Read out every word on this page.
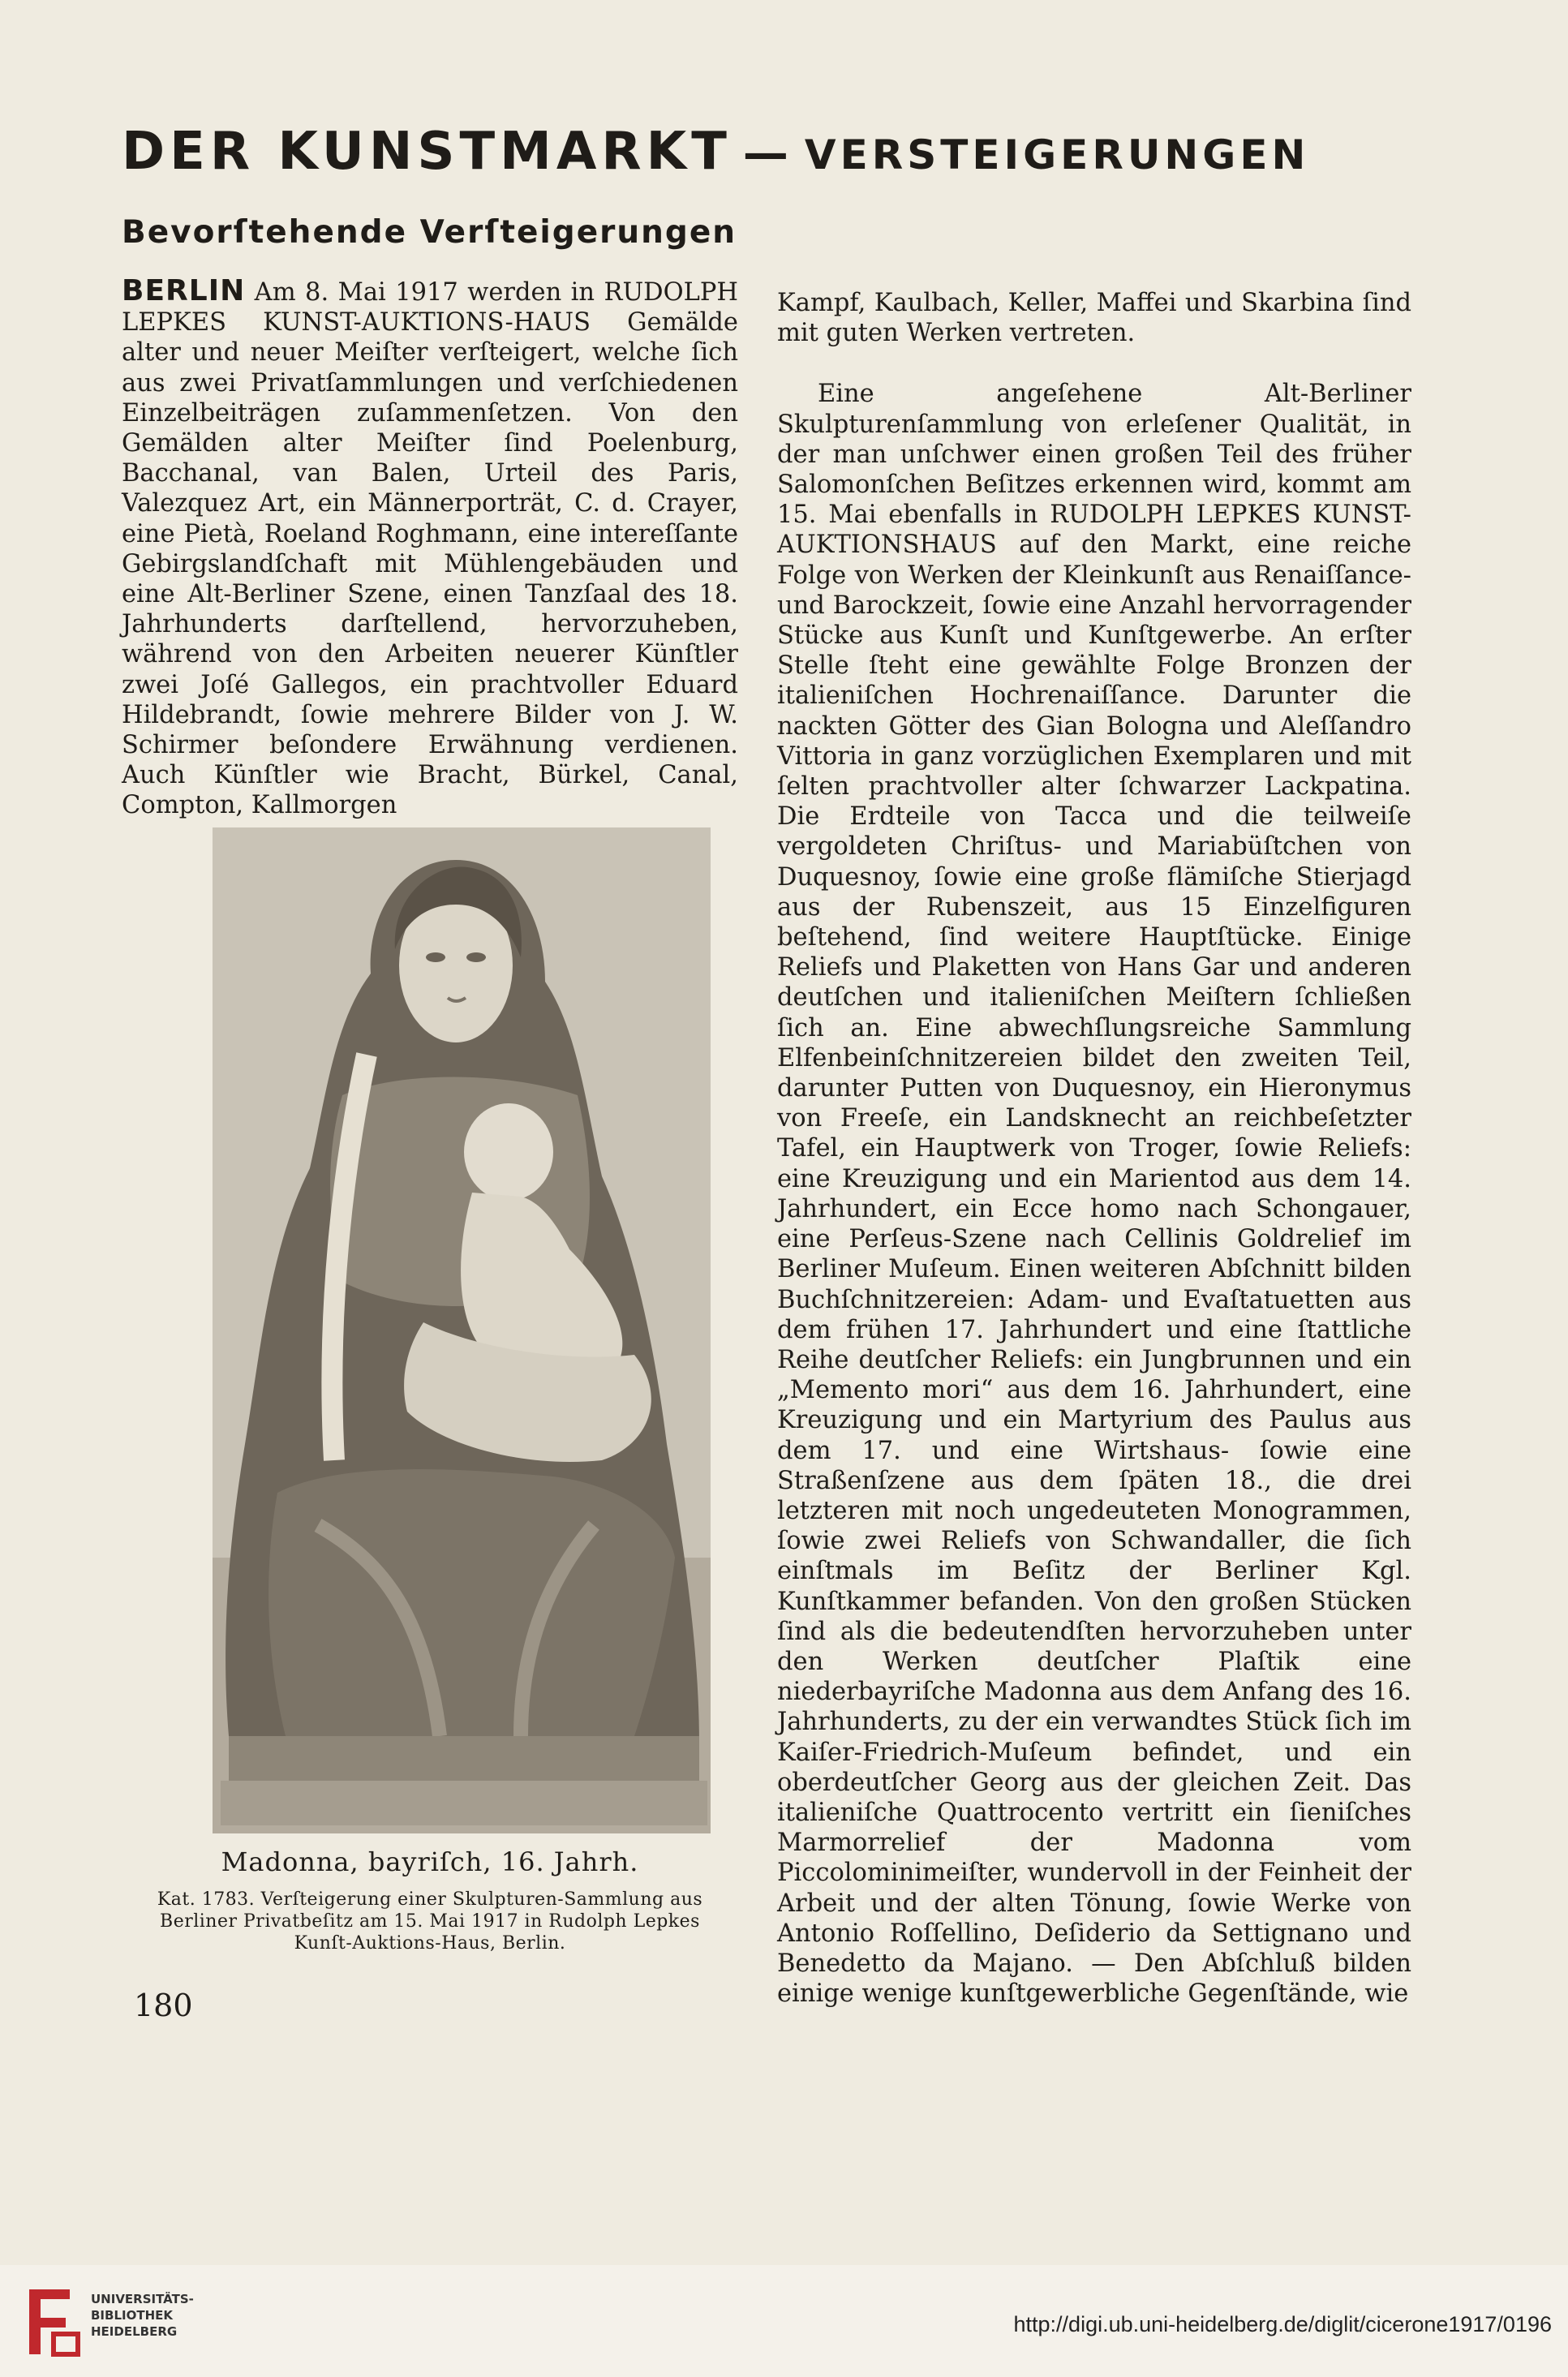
DER KUNSTMARKT — VERSTEIGERUNGEN
Bevorſtehende Verſteigerungen

BERLIN Am 8. Mai 1917 werden in RUDOLPH LEPKES KUNST-AUKTIONS-HAUS Gemälde alter und neuer Meiſter verſteigert, welche ſich aus zwei Privatſammlungen und verſchiedenen Einzelbeiträgen zuſammenſetzen. Von den Gemälden alter Meiſter ſind Poelenburg, Bacchanal, van Balen, Urteil des Paris, Valezquez Art, ein Männerporträt, C. d. Crayer, eine Pietà, Roeland Roghmann, eine intereſſante Gebirgslandſchaft mit Mühlengebäuden und eine Alt-Berliner Szene, einen Tanzſaal des 18. Jahrhunderts darſtellend, hervorzuheben, während von den Arbeiten neuerer Künſtler zwei Joſé Gallegos, ein prachtvoller Eduard Hildebrandt, ſowie mehrere Bilder von J. W. Schirmer beſondere Erwähnung verdienen. Auch Künſtler wie Bracht, Bürkel, Canal, Compton, Kallmorgen

Madonna, bayriſch, 16. Jahrh.
Kat. 1783. Verſteigerung einer Skulpturen-Sammlung aus
Berliner Privatbeſitz am 15. Mai 1917 in Rudolph Lepkes
Kunſt-Auktions-Haus, Berlin.
180

Kampf, Kaulbach, Keller, Maffei und Skarbina ſind mit guten Werken vertreten.

Eine angeſehene Alt-Berliner Skulpturenſammlung von erleſener Qualität, in der man unſchwer einen großen Teil des früher Salomonſchen Beſitzes erkennen wird, kommt am 15. Mai ebenfalls in RUDOLPH LEPKES KUNST-AUKTIONSHAUS auf den Markt, eine reiche Folge von Werken der Kleinkunſt aus Renaiſſance- und Barockzeit, ſowie eine Anzahl hervorragender Stücke aus Kunſt und Kunſtgewerbe. An erſter Stelle ſteht eine gewählte Folge Bronzen der italieniſchen Hochrenaiſſance. Darunter die nackten Götter des Gian Bologna und Aleſſandro Vittoria in ganz vorzüglichen Exemplaren und mit ſelten prachtvoller alter ſchwarzer Lackpatina. Die Erdteile von Tacca und die teilweiſe vergoldeten Chriſtus- und Mariabüſtchen von Duquesnoy, ſowie eine große flämiſche Stierjagd aus der Rubenszeit, aus 15 Einzelfiguren beſtehend, ſind weitere Hauptſtücke. Einige Reliefs und Plaketten von Hans Gar und anderen deutſchen und italieniſchen Meiſtern ſchließen ſich an. Eine abwechſlungsreiche Sammlung Elfenbeinſchnitzereien bildet den zweiten Teil, darunter Putten von Duquesnoy, ein Hieronymus von Freeſe, ein Landsknecht an reichbeſetzter Tafel, ein Hauptwerk von Troger, ſowie Reliefs: eine Kreuzigung und ein Marientod aus dem 14. Jahrhundert, ein Ecce homo nach Schongauer, eine Perſeus-Szene nach Cellinis Goldrelief im Berliner Muſeum. Einen weiteren Abſchnitt bilden Buchſchnitzereien: Adam- und Evaſtatuetten aus dem frühen 17. Jahrhundert und eine ſtattliche Reihe deutſcher Reliefs: ein Jungbrunnen und ein „Memento mori“ aus dem 16. Jahrhundert, eine Kreuzigung und ein Martyrium des Paulus aus dem 17. und eine Wirtshaus- ſowie eine Straßenſzene aus dem ſpäten 18., die drei letzteren mit noch ungedeuteten Monogrammen, ſowie zwei Reliefs von Schwandaller, die ſich einſtmals im Beſitz der Berliner Kgl. Kunſtkammer befanden. Von den großen Stücken ſind als die bedeutendſten hervorzuheben unter den Werken deutſcher Plaſtik eine niederbayriſche Madonna aus dem Anfang des 16. Jahrhunderts, zu der ein verwandtes Stück ſich im Kaiſer-Friedrich-Muſeum befindet, und ein oberdeutſcher Georg aus der gleichen Zeit. Das italieniſche Quattrocento vertritt ein ſieniſches Marmorrelief der Madonna vom Piccolominimeiſter, wundervoll in der Feinheit der Arbeit und der alten Tönung, ſowie Werke von Antonio Roſſellino, Deſiderio da Settignano und Benedetto da Majano. — Den Abſchluß bilden einige wenige kunſtgewerbliche Gegenſtände, wie

UNIVERSITÄTS-
BIBLIOTHEK
HEIDELBERG	http://digi.ub.uni-heidelberg.de/diglit/cicerone1917/0196
